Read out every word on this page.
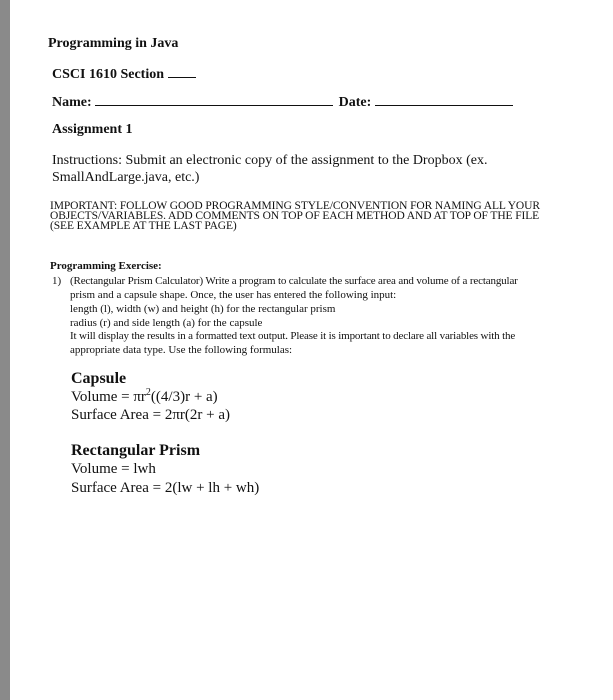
Programming in Java
CSCI 1610 Section
Name:	Date:
Assignment 1
Instructions: Submit an electronic copy of the assignment to the Dropbox (ex.
SmallAndLarge.java, etc.)
IMPORTANT: FOLLOW GOOD PROGRAMMING STYLE/CONVENTION FOR NAMING ALL YOUR
OBJECTS/VARIABLES. ADD COMMENTS ON TOP OF EACH METHOD AND AT TOP OF THE FILE
(SEE EXAMPLE AT THE LAST PAGE)
Programming Exercise:
1) (Rectangular Prism Calculator) Write a program to calculate the surface area and volume of a rectangular
prism and a capsule shape. Once, the user has entered the following input:
length (l), width (w) and height (h) for the rectangular prism
radius (r) and side length (a) for the capsule
It will display the results in a formatted text output. Please it is important to declare all variables with the
appropriate data type. Use the following formulas:
Capsule
Volume = $\pi r^2((4/3)r + a)$
Surface Area = 2πr(2r + a)
Rectangular Prism
Volume = lwh
Surface Area = 2(lw + lh + wh)
